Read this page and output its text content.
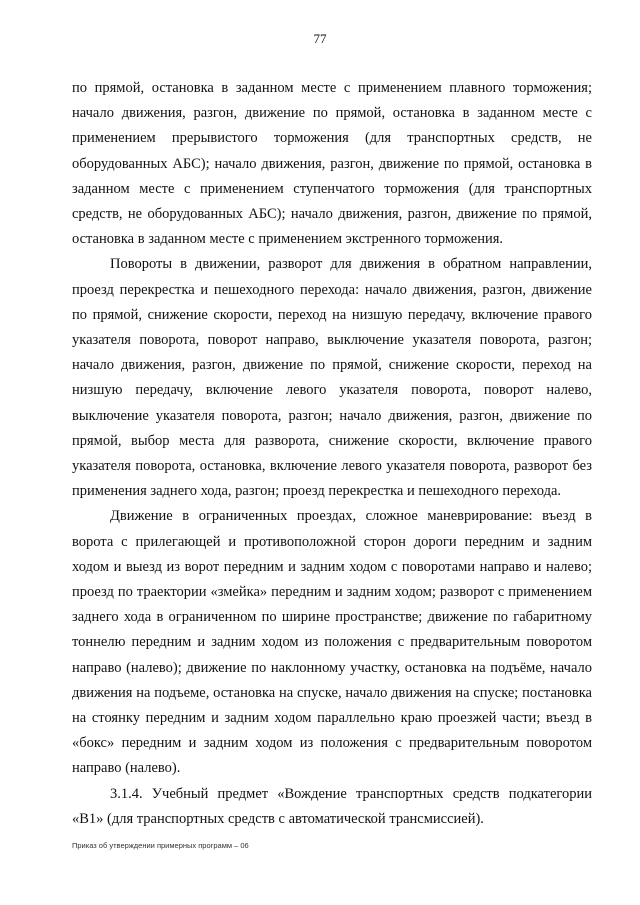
77

по прямой, остановка в заданном месте с применением плавного торможения; начало движения, разгон, движение по прямой, остановка в заданном месте с применением прерывистого торможения (для транспортных средств, не оборудованных АБС); начало движения, разгон, движение по прямой, остановка в заданном месте с применением ступенчатого торможения (для транспортных средств, не оборудованных АБС); начало движения, разгон, движение по прямой, остановка в заданном месте с применением экстренного торможения.

Повороты в движении, разворот для движения в обратном направлении, проезд перекрестка и пешеходного перехода: начало движения, разгон, движение по прямой, снижение скорости, переход на низшую передачу, включение правого указателя поворота, поворот направо, выключение указателя поворота, разгон; начало движения, разгон, движение по прямой, снижение скорости, переход на низшую передачу, включение левого указателя поворота, поворот налево, выключение указателя поворота, разгон; начало движения, разгон, движение по прямой, выбор места для разворота, снижение скорости, включение правого указателя поворота, остановка, включение левого указателя поворота, разворот без применения заднего хода, разгон; проезд перекрестка и пешеходного перехода.

Движение в ограниченных проездах, сложное маневрирование: въезд в ворота с прилегающей и противоположной сторон дороги передним и задним ходом и выезд из ворот передним и задним ходом с поворотами направо и налево; проезд по траектории «змейка» передним и задним ходом; разворот с применением заднего хода в ограниченном по ширине пространстве; движение по габаритному тоннелю передним и задним ходом из положения с предварительным поворотом направо (налево); движение по наклонному участку, остановка на подъёме, начало движения на подъеме, остановка на спуске, начало движения на спуске; постановка на стоянку передним и задним ходом параллельно краю проезжей части; въезд в «бокс» передним и задним ходом из положения с предварительным поворотом направо (налево).

3.1.4. Учебный предмет «Вождение транспортных средств подкатегории «В1» (для транспортных средств с автоматической трансмиссией).

Приказ об утверждении примерных программ – 06
